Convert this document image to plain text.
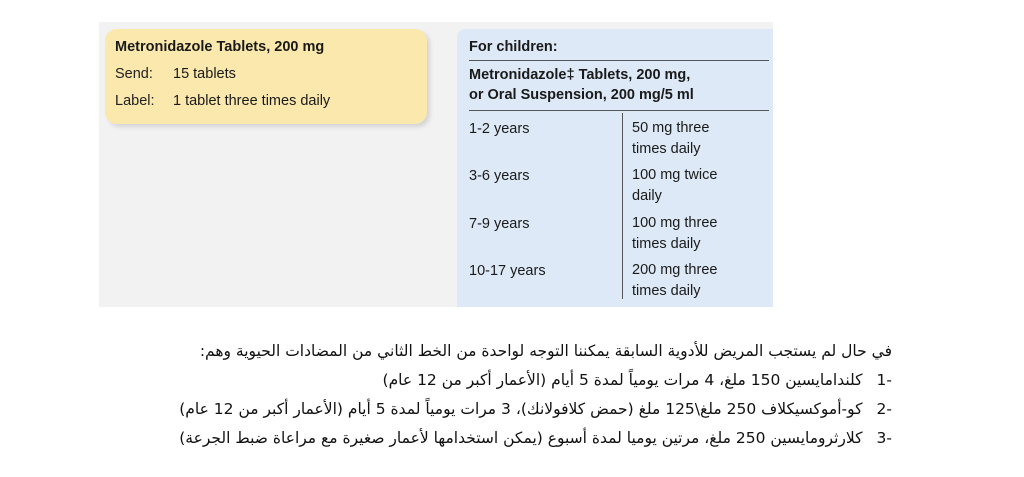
Metronidazole Tablets, 200 mg
Send:	15 tablets
Label:	1 tablet three times daily
For children:
Metronidazole‡ Tablets, 200 mg,
or Oral Suspension, 200 mg/5 ml
1-2 years	50 mg three
times daily
3-6 years	100 mg twice
daily
7-9 years	100 mg three
times daily
10-17 years	200 mg three
times daily

في حال لم يستجب المريض للأدوية السابقة يمكننا التوجه لواحدة من الخط الثاني من المضادات الحيوية وهم:

-1كلندامايسين 150 ملغ، 4 مرات يومياً لمدة 5 أيام (الأعمار أكبر من 12 عام)

-2كو-أموكسيكلاف 250 ملغ\125 ملغ (حمض كلافولانك)، 3 مرات يومياً لمدة 5 أيام (الأعمار أكبر من 12 عام)

-3كلارثرومايسين 250 ملغ، مرتين يوميا لمدة أسبوع (يمكن استخدامها لأعمار صغيرة مع مراعاة ضبط الجرعة)
